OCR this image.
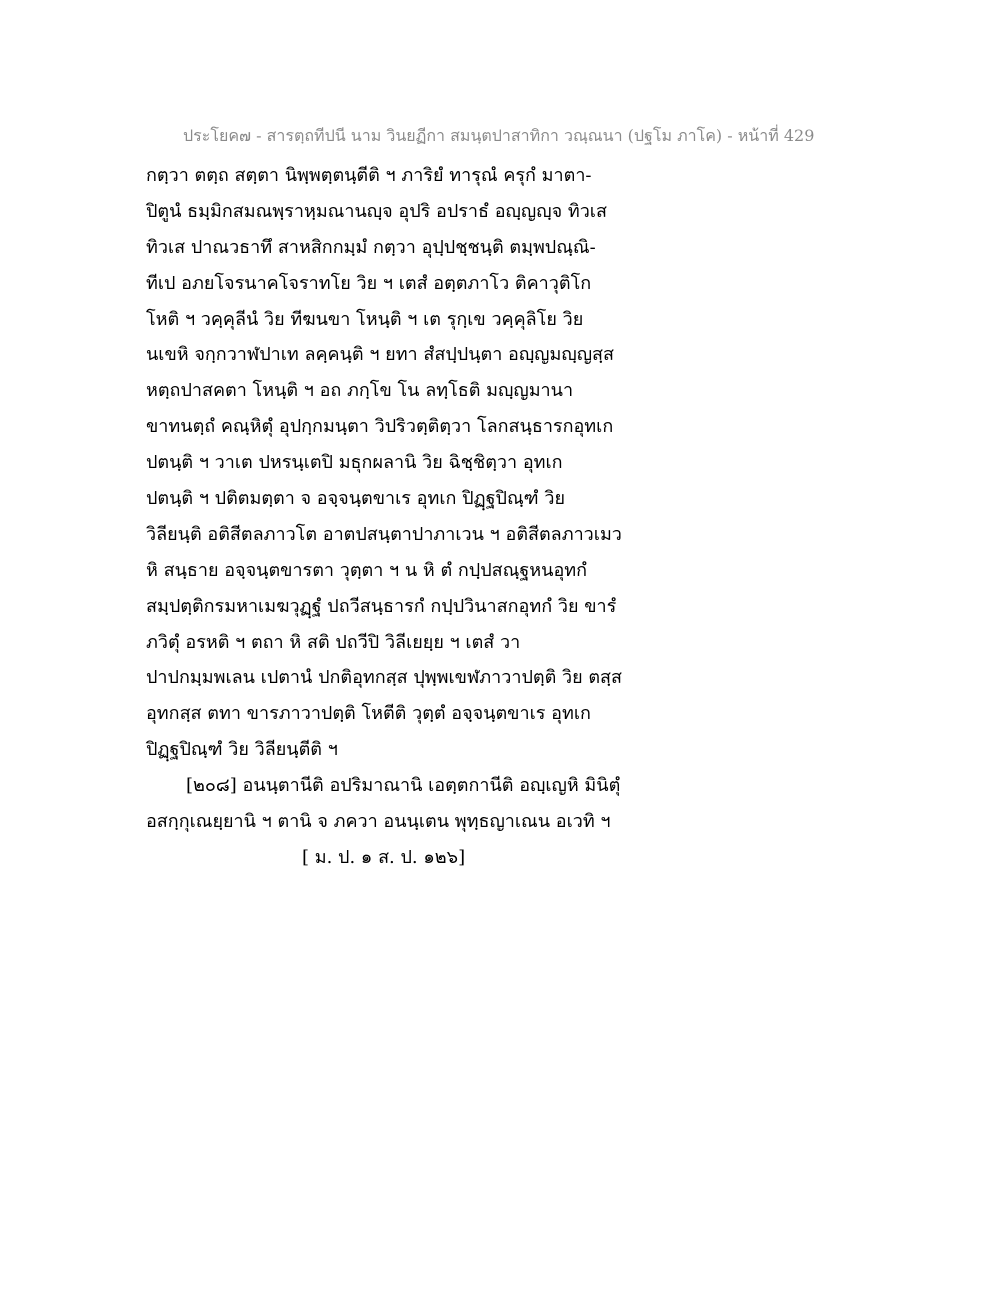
ประโยค๗ - สารตฺถทีปนี นาม วินยฏีกา สมนฺตปาสาทิกา วณฺณนา (ปฐโม ภาโค) - หน้าที่ 429
กตฺวา ตตฺถ สตฺตา นิพฺพตฺตนฺตีติ ฯ ภาริยํ ทารุณํ ครุกํ มาตา-
ปิตูนํ ธมฺมิกสมณพฺราหฺมณานญฺจ อุปริ อปราธํ อญฺญญฺจ ทิวเส
ทิวเส ปาณวธาทึ สาหสิกกมฺมํ กตฺวา อุปฺปชฺชนฺติ ตมฺพปณฺณิ-
ทีเป อภยโจรนาคโจราทโย วิย ฯ เตสํ อตฺตภาโว ติคาวุติโก
โหติ ฯ วคฺคุลีนํ วิย ทีฆนขา โหนฺติ ฯ เต รุกฺเข วคฺคุลิโย วิย
นเขหิ จกฺกวาฬปาเท ลคฺคนฺติ ฯ ยทา สํสปฺปนฺตา อญฺญมญฺญสฺส
หตฺถปาสคตา โหนฺติ ฯ อถ ภกฺโข โน ลทฺโธติ มญฺญมานา
ขาทนตฺถํ คณฺหิตุํ อุปกฺกมนฺตา วิปริวตฺติตฺวา โลกสนฺธารกอุทเก
ปตนฺติ ฯ วาเต ปหรนฺเตปิ มธุกผลานิ วิย ฉิชฺชิตฺวา อุทเก
ปตนฺติ ฯ ปติตมตฺตา จ อจฺจนฺตขาเร อุทเก ปิฏฺฐปิณฺฑํ วิย
วิลียนฺติ อติสีตลภาวโต อาตปสนฺตาปาภาเวน ฯ อติสีตลภาวเมว
หิ สนฺธาย อจฺจนฺตขารตา วุตฺตา ฯ น หิ ตํ กปฺปสณฺฐหนอุทกํ
สมฺปตฺติกรมหาเมฆวุฏฺฐํ ปถวีสนฺธารกํ กปฺปวินาสกอุทกํ วิย ขารํ
ภวิตุํ อรหติ ฯ ตถา หิ สติ ปถวีปิ วิลีเยยฺย ฯ เตสํ วา
ปาปกมฺมพเลน เปตานํ ปกติอุทกสฺส ปุพฺพเขฬภาวาปตฺติ วิย ตสฺส
อุทกสฺส ตทา ขารภาวาปตฺติ โหตีติ วุตฺตํ อจฺจนฺตขาเร อุทเก
ปิฏฺฐปิณฺฑํ วิย วิลียนฺตีติ ฯ
[๒๐๘] อนนฺตานีติ อปริมาณานิ เอตฺตกานีติ อญฺเญหิ มินิตุํ
อสกฺกุเณยฺยานิ ฯ ตานิ จ ภควา อนนฺเตน พุทฺธญาเณน อเวทิ ฯ
[ ม. ป. ๑ ส. ป. ๑๒๖]
